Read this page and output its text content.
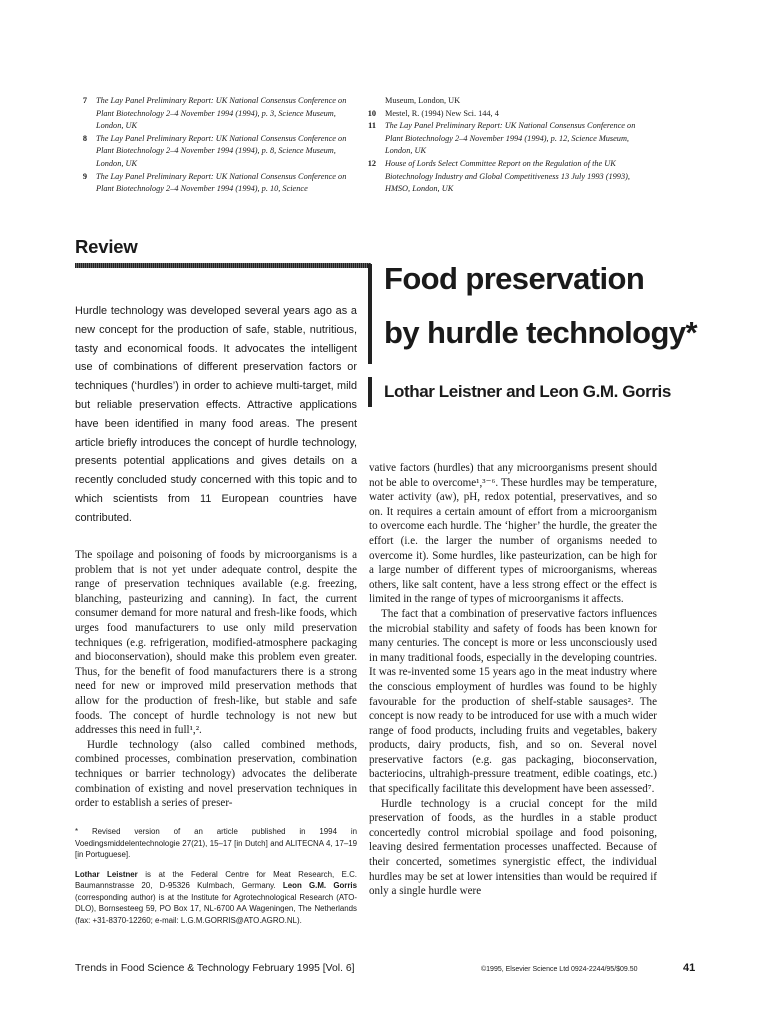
7 The Lay Panel Preliminary Report: UK National Consensus Conference on Plant Biotechnology 2–4 November 1994 (1994), p. 3, Science Museum, London, UK
8 The Lay Panel Preliminary Report: UK National Consensus Conference on Plant Biotechnology 2–4 November 1994 (1994), p. 8, Science Museum, London, UK
9 The Lay Panel Preliminary Report: UK National Consensus Conference on Plant Biotechnology 2–4 November 1994 (1994), p. 10, Science
Museum, London, UK
10 Mestel, R. (1994) New Sci. 144, 4
11 The Lay Panel Preliminary Report: UK National Consensus Conference on Plant Biotechnology 2–4 November 1994 (1994), p. 12, Science Museum, London, UK
12 House of Lords Select Committee Report on the Regulation of the UK Biotechnology Industry and Global Competitiveness 13 July 1993 (1993), HMSO, London, UK
Review
Food preservation
by hurdle technology*
Lothar Leistner and Leon G.M. Gorris
Hurdle technology was developed several years ago as a new concept for the production of safe, stable, nutritious, tasty and economical foods. It advocates the intelligent use of combinations of different preservation factors or techniques (‘hurdles’) in order to achieve multi-target, mild but reliable preservation effects. Attractive applications have been identified in many food areas. The present article briefly introduces the concept of hurdle technology, presents potential applications and gives details on a recently concluded study concerned with this topic and to which scientists from 11 European countries have contributed.

The spoilage and poisoning of foods by microorganisms is a problem that is not yet under adequate control, despite the range of preservation techniques available (e.g. freezing, blanching, pasteurizing and canning). In fact, the current consumer demand for more natural and fresh-like foods, which urges food manufacturers to use only mild preservation techniques (e.g. refrigeration, modified-atmosphere packaging and bioconservation), should make this problem even greater. Thus, for the benefit of food manufacturers there is a strong need for new or improved mild preservation methods that allow for the production of fresh-like, but stable and safe foods. The concept of hurdle technology is not new but addresses this need in full¹,².

Hurdle technology (also called combined methods, combined processes, combination preservation, combination techniques or barrier technology) advocates the deliberate combination of existing and novel preservation techniques in order to establish a series of preser-

* Revised version of an article published in 1994 in Voedingsmiddelentechnologie 27(21), 15–17 [in Dutch] and ALITECNA 4, 17–19 [in Portuguese].

Lothar Leistner is at the Federal Centre for Meat Research, E.C. Baumannstrasse 20, D-95326 Kulmbach, Germany. Leon G.M. Gorris (corresponding author) is at the Institute for Agrotechnological Research (ATO-DLO), Bornsesteeg 59, PO Box 17, NL-6700 AA Wageningen, The Netherlands (fax: +31-8370-12260; e-mail: L.G.M.GORRIS@ATO.AGRO.NL).

vative factors (hurdles) that any microorganisms present should not be able to overcome¹,³⁻⁶. These hurdles may be temperature, water activity (aw), pH, redox potential, preservatives, and so on. It requires a certain amount of effort from a microorganism to overcome each hurdle. The ‘higher’ the hurdle, the greater the effort (i.e. the larger the number of organisms needed to overcome it). Some hurdles, like pasteurization, can be high for a large number of different types of microorganisms, whereas others, like salt content, have a less strong effect or the effect is limited in the range of types of microorganisms it affects.

The fact that a combination of preservative factors influences the microbial stability and safety of foods has been known for many centuries. The concept is more or less unconsciously used in many traditional foods, especially in the developing countries. It was re-invented some 15 years ago in the meat industry where the conscious employment of hurdles was found to be highly favourable for the production of shelf-stable sausages². The concept is now ready to be introduced for use with a much wider range of food products, including fruits and vegetables, bakery products, dairy products, fish, and so on. Several novel preservative factors (e.g. gas packaging, bioconservation, bacteriocins, ultrahigh-pressure treatment, edible coatings, etc.) that specifically facilitate this development have been assessed⁷.

Hurdle technology is a crucial concept for the mild preservation of foods, as the hurdles in a stable product concertedly control microbial spoilage and food poisoning, leaving desired fermentation processes unaffected. Because of their concerted, sometimes synergistic effect, the individual hurdles may be set at lower intensities than would be required if only a single hurdle were

Trends in Food Science & Technology February 1995 [Vol. 6]	©1995, Elsevier Science Ltd 0924-2244/95/$09.50	41
